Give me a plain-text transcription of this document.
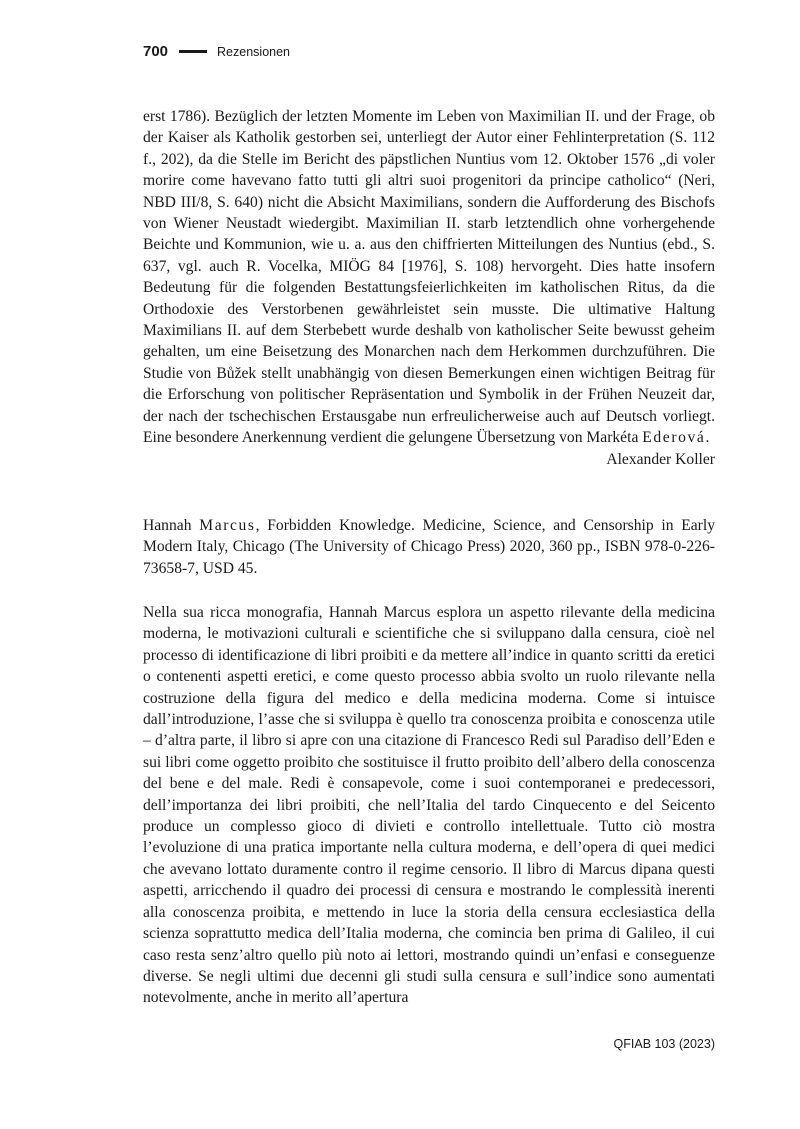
700	Rezensionen
erst 1786). Bezüglich der letzten Momente im Leben von Maximilian II. und der Frage, ob der Kaiser als Katholik gestorben sei, unterliegt der Autor einer Fehlinterpretation (S. 112 f., 202), da die Stelle im Bericht des päpstlichen Nuntius vom 12. Oktober 1576 „di voler morire come havevano fatto tutti gli altri suoi progenitori da principe catholico“ (Neri, NBD III/8, S. 640) nicht die Absicht Maximilians, sondern die Aufforderung des Bischofs von Wiener Neustadt wiedergibt. Maximilian II. starb letztendlich ohne vorhergehende Beichte und Kommunion, wie u. a. aus den chiffrierten Mitteilungen des Nuntius (ebd., S. 637, vgl. auch R. Vocelka, MIÖG 84 [1976], S. 108) hervorgeht. Dies hatte insofern Bedeutung für die folgenden Bestattungsfeierlichkeiten im katholischen Ritus, da die Orthodoxie des Verstorbenen gewährleistet sein musste. Die ultimative Haltung Maximilians II. auf dem Sterbebett wurde deshalb von katholischer Seite bewusst geheim gehalten, um eine Beisetzung des Monarchen nach dem Herkommen durchzuführen. Die Studie von Bůžek stellt unabhängig von diesen Bemerkungen einen wichtigen Beitrag für die Erforschung von politischer Repräsentation und Symbolik in der Frühen Neuzeit dar, der nach der tschechischen Erstausgabe nun erfreulicherweise auch auf Deutsch vorliegt. Eine besondere Anerkennung verdient die gelungene Übersetzung von Markéta Ederová.
Alexander Koller
Hannah Marcus, Forbidden Knowledge. Medicine, Science, and Censorship in Early Modern Italy, Chicago (The University of Chicago Press) 2020, 360 pp., ISBN 978-0-226-73658-7, USD 45.
Nella sua ricca monografia, Hannah Marcus esplora un aspetto rilevante della medicina moderna, le motivazioni culturali e scientifiche che si sviluppano dalla censura, cioè nel processo di identificazione di libri proibiti e da mettere all’indice in quanto scritti da eretici o contenenti aspetti eretici, e come questo processo abbia svolto un ruolo rilevante nella costruzione della figura del medico e della medicina moderna. Come si intuisce dall’introduzione, l’asse che si sviluppa è quello tra conoscenza proibita e conoscenza utile – d’altra parte, il libro si apre con una citazione di Francesco Redi sul Paradiso dell’Eden e sui libri come oggetto proibito che sostituisce il frutto proibito dell’albero della conoscenza del bene e del male. Redi è consapevole, come i suoi contemporanei e predecessori, dell’importanza dei libri proibiti, che nell’Italia del tardo Cinquecento e del Seicento produce un complesso gioco di divieti e controllo intellettuale. Tutto ciò mostra l’evoluzione di una pratica importante nella cultura moderna, e dell’opera di quei medici che avevano lottato duramente contro il regime censorio. Il libro di Marcus dipana questi aspetti, arricchendo il quadro dei processi di censura e mostrando le complessità inerenti alla conoscenza proibita, e mettendo in luce la storia della censura ecclesiastica della scienza soprattutto medica dell’Italia moderna, che comincia ben prima di Galileo, il cui caso resta senz’altro quello più noto ai lettori, mostrando quindi un’enfasi e conseguenze diverse. Se negli ultimi due decenni gli studi sulla censura e sull’indice sono aumentati notevolmente, anche in merito all’apertura
QFIAB 103 (2023)
